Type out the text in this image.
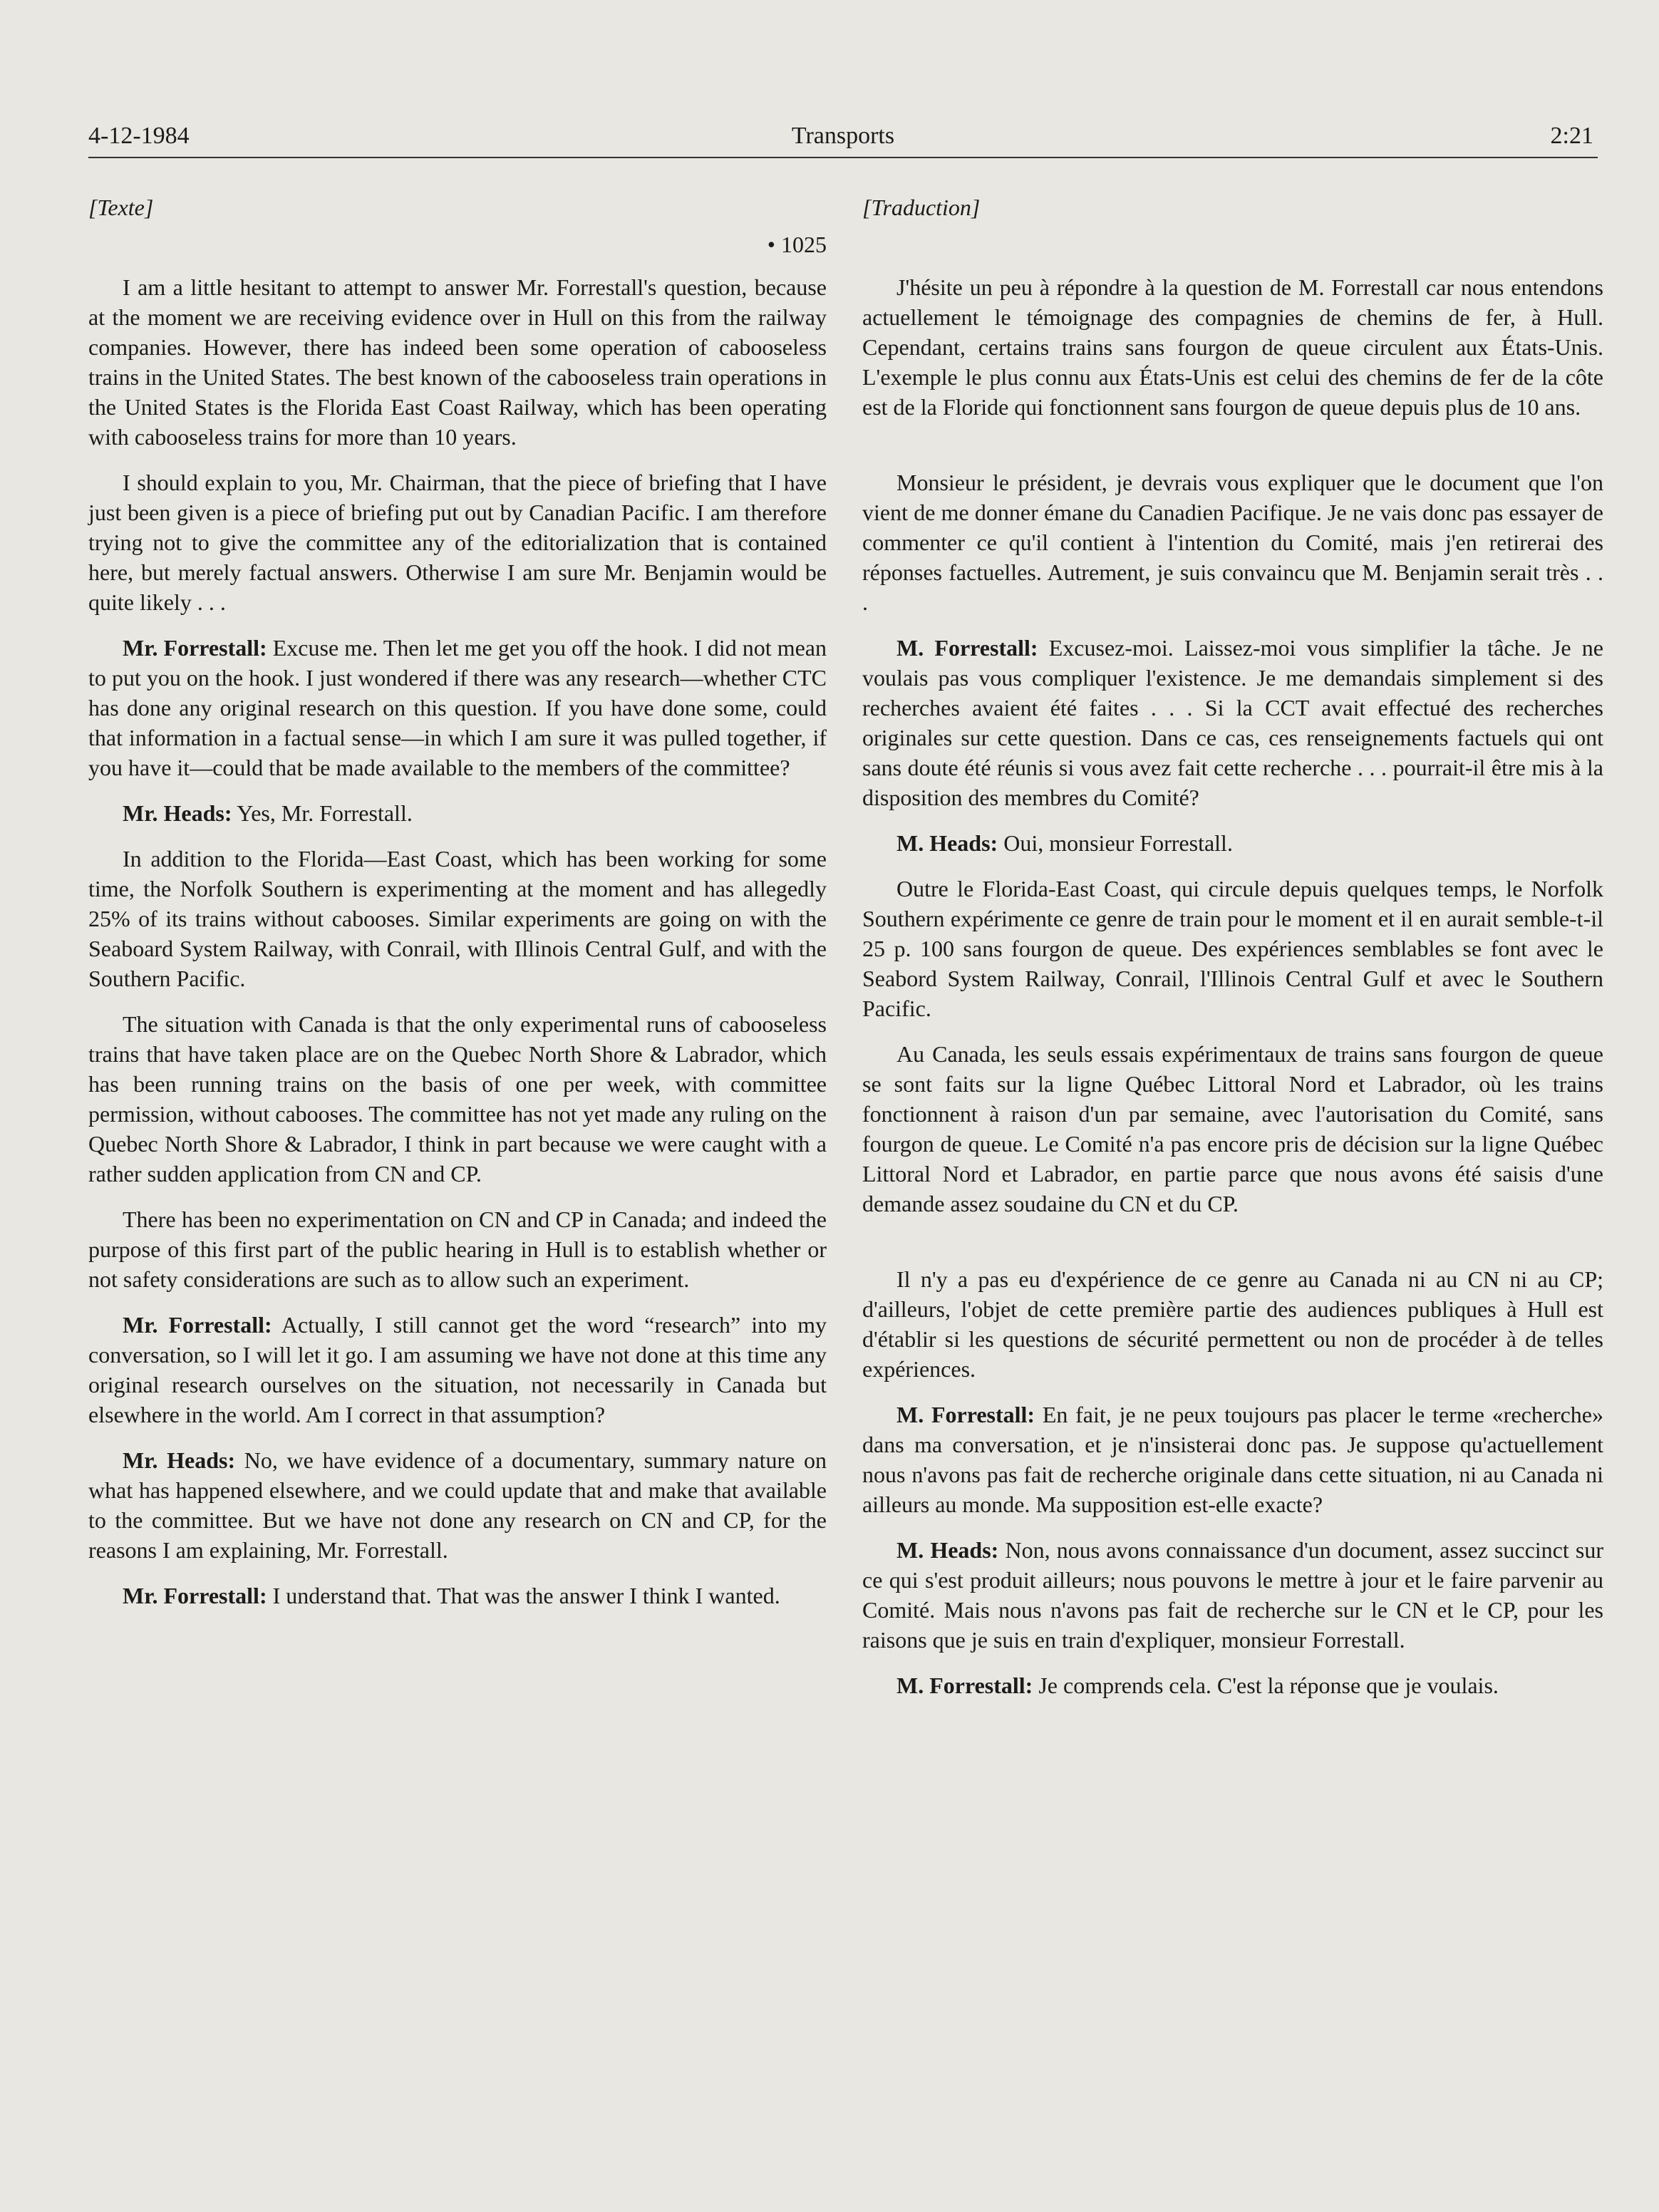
4-12-1984	Transports	2:21
[Texte]
• 1025

I am a little hesitant to attempt to answer Mr. Forrestall's question, because at the moment we are receiving evidence over in Hull on this from the railway companies. However, there has indeed been some operation of cabooseless trains in the United States. The best known of the cabooseless train operations in the United States is the Florida East Coast Railway, which has been operating with cabooseless trains for more than 10 years.

I should explain to you, Mr. Chairman, that the piece of briefing that I have just been given is a piece of briefing put out by Canadian Pacific. I am therefore trying not to give the committee any of the editorialization that is contained here, but merely factual answers. Otherwise I am sure Mr. Benjamin would be quite likely . . .

Mr. Forrestall: Excuse me. Then let me get you off the hook. I did not mean to put you on the hook. I just wondered if there was any research—whether CTC has done any original research on this question. If you have done some, could that information in a factual sense—in which I am sure it was pulled together, if you have it—could that be made available to the members of the committee?

Mr. Heads: Yes, Mr. Forrestall.

In addition to the Florida—East Coast, which has been working for some time, the Norfolk Southern is experimenting at the moment and has allegedly 25% of its trains without cabooses. Similar experiments are going on with the Seaboard System Railway, with Conrail, with Illinois Central Gulf, and with the Southern Pacific.

The situation with Canada is that the only experimental runs of cabooseless trains that have taken place are on the Quebec North Shore & Labrador, which has been running trains on the basis of one per week, with committee permission, without cabooses. The committee has not yet made any ruling on the Quebec North Shore & Labrador, I think in part because we were caught with a rather sudden application from CN and CP.

There has been no experimentation on CN and CP in Canada; and indeed the purpose of this first part of the public hearing in Hull is to establish whether or not safety considerations are such as to allow such an experiment.

Mr. Forrestall: Actually, I still cannot get the word “research” into my conversation, so I will let it go. I am assuming we have not done at this time any original research ourselves on the situation, not necessarily in Canada but elsewhere in the world. Am I correct in that assumption?

Mr. Heads: No, we have evidence of a documentary, summary nature on what has happened elsewhere, and we could update that and make that available to the committee. But we have not done any research on CN and CP, for the reasons I am explaining, Mr. Forrestall.

Mr. Forrestall: I understand that. That was the answer I think I wanted.

[Traduction]

J'hésite un peu à répondre à la question de M. Forrestall car nous entendons actuellement le témoignage des compagnies de chemins de fer, à Hull. Cependant, certains trains sans fourgon de queue circulent aux États-Unis. L'exemple le plus connu aux États-Unis est celui des chemins de fer de la côte est de la Floride qui fonctionnent sans fourgon de queue depuis plus de 10 ans.

Monsieur le président, je devrais vous expliquer que le document que l'on vient de me donner émane du Canadien Pacifique. Je ne vais donc pas essayer de commenter ce qu'il contient à l'intention du Comité, mais j'en retirerai des réponses factuelles. Autrement, je suis convaincu que M. Benjamin serait très . . .

M. Forrestall: Excusez-moi. Laissez-moi vous simplifier la tâche. Je ne voulais pas vous compliquer l'existence. Je me demandais simplement si des recherches avaient été faites . . . Si la CCT avait effectué des recherches originales sur cette question. Dans ce cas, ces renseignements factuels qui ont sans doute été réunis si vous avez fait cette recherche . . . pourrait-il être mis à la disposition des membres du Comité?

M. Heads: Oui, monsieur Forrestall.

Outre le Florida-East Coast, qui circule depuis quelques temps, le Norfolk Southern expérimente ce genre de train pour le moment et il en aurait semble-t-il 25 p. 100 sans fourgon de queue. Des expériences semblables se font avec le Seabord System Railway, Conrail, l'Illinois Central Gulf et avec le Southern Pacific.

Au Canada, les seuls essais expérimentaux de trains sans fourgon de queue se sont faits sur la ligne Québec Littoral Nord et Labrador, où les trains fonctionnent à raison d'un par semaine, avec l'autorisation du Comité, sans fourgon de queue. Le Comité n'a pas encore pris de décision sur la ligne Québec Littoral Nord et Labrador, en partie parce que nous avons été saisis d'une demande assez soudaine du CN et du CP.

Il n'y a pas eu d'expérience de ce genre au Canada ni au CN ni au CP; d'ailleurs, l'objet de cette première partie des audiences publiques à Hull est d'établir si les questions de sécurité permettent ou non de procéder à de telles expériences.

M. Forrestall: En fait, je ne peux toujours pas placer le terme «recherche» dans ma conversation, et je n'insisterai donc pas. Je suppose qu'actuellement nous n'avons pas fait de recherche originale dans cette situation, ni au Canada ni ailleurs au monde. Ma supposition est-elle exacte?

M. Heads: Non, nous avons connaissance d'un document, assez succinct sur ce qui s'est produit ailleurs; nous pouvons le mettre à jour et le faire parvenir au Comité. Mais nous n'avons pas fait de recherche sur le CN et le CP, pour les raisons que je suis en train d'expliquer, monsieur Forrestall.

M. Forrestall: Je comprends cela. C'est la réponse que je voulais.
